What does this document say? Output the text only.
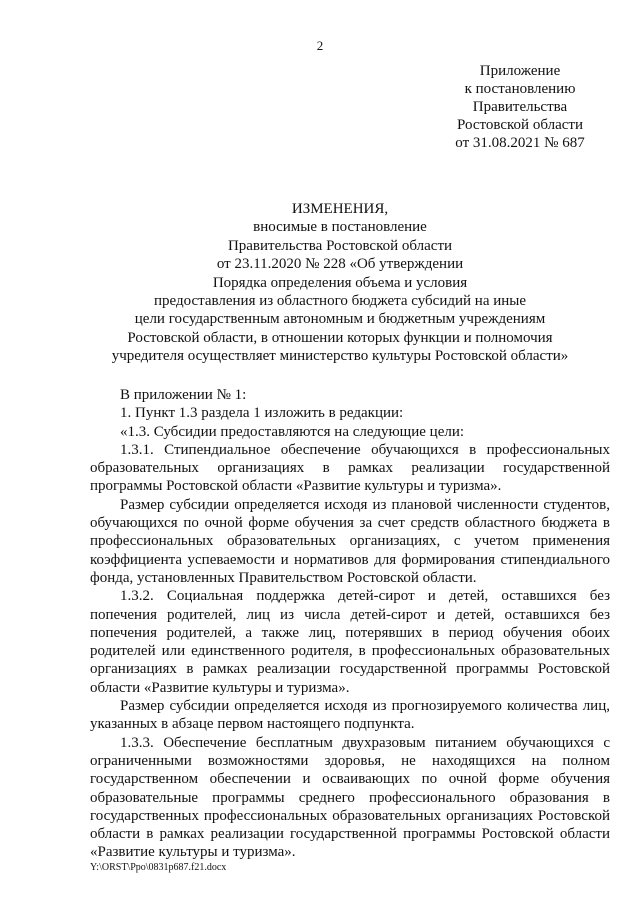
2
Приложение
к постановлению
Правительства
Ростовской области
от 31.08.2021 № 687
ИЗМЕНЕНИЯ,
вносимые в постановление
Правительства Ростовской области
от 23.11.2020 № 228 «Об утверждении
Порядка определения объема и условия
предоставления из областного бюджета субсидий на иные
цели государственным автономным и бюджетным учреждениям
Ростовской области, в отношении которых функции и полномочия
учредителя осуществляет министерство культуры Ростовской области»

В приложении № 1:

1. Пункт 1.3 раздела 1 изложить в редакции:

«1.3. Субсидии предоставляются на следующие цели:

1.3.1. Стипендиальное обеспечение обучающихся в профессиональных образовательных организациях в рамках реализации государственной программы Ростовской области «Развитие культуры и туризма».

Размер субсидии определяется исходя из плановой численности студентов, обучающихся по очной форме обучения за счет средств областного бюджета в профессиональных образовательных организациях, с учетом применения коэффициента успеваемости и нормативов для формирования стипендиального фонда, установленных Правительством Ростовской области.

1.3.2. Социальная поддержка детей-сирот и детей, оставшихся без попечения родителей, лиц из числа детей-сирот и детей, оставшихся без попечения родителей, а также лиц, потерявших в период обучения обоих родителей или единственного родителя, в профессиональных образовательных организациях в рамках реализации государственной программы Ростовской области «Развитие культуры и туризма».

Размер субсидии определяется исходя из прогнозируемого количества лиц, указанных в абзаце первом настоящего подпункта.

1.3.3. Обеспечение бесплатным двухразовым питанием обучающихся с ограниченными возможностями здоровья, не находящихся на полном государственном обеспечении и осваивающих по очной форме обучения образовательные программы среднего профессионального образования в государственных профессиональных образовательных организациях Ростовской области в рамках реализации государственной программы Ростовской области «Развитие культуры и туризма».

Y:\ORST\Ppo\0831p687.f21.docx
